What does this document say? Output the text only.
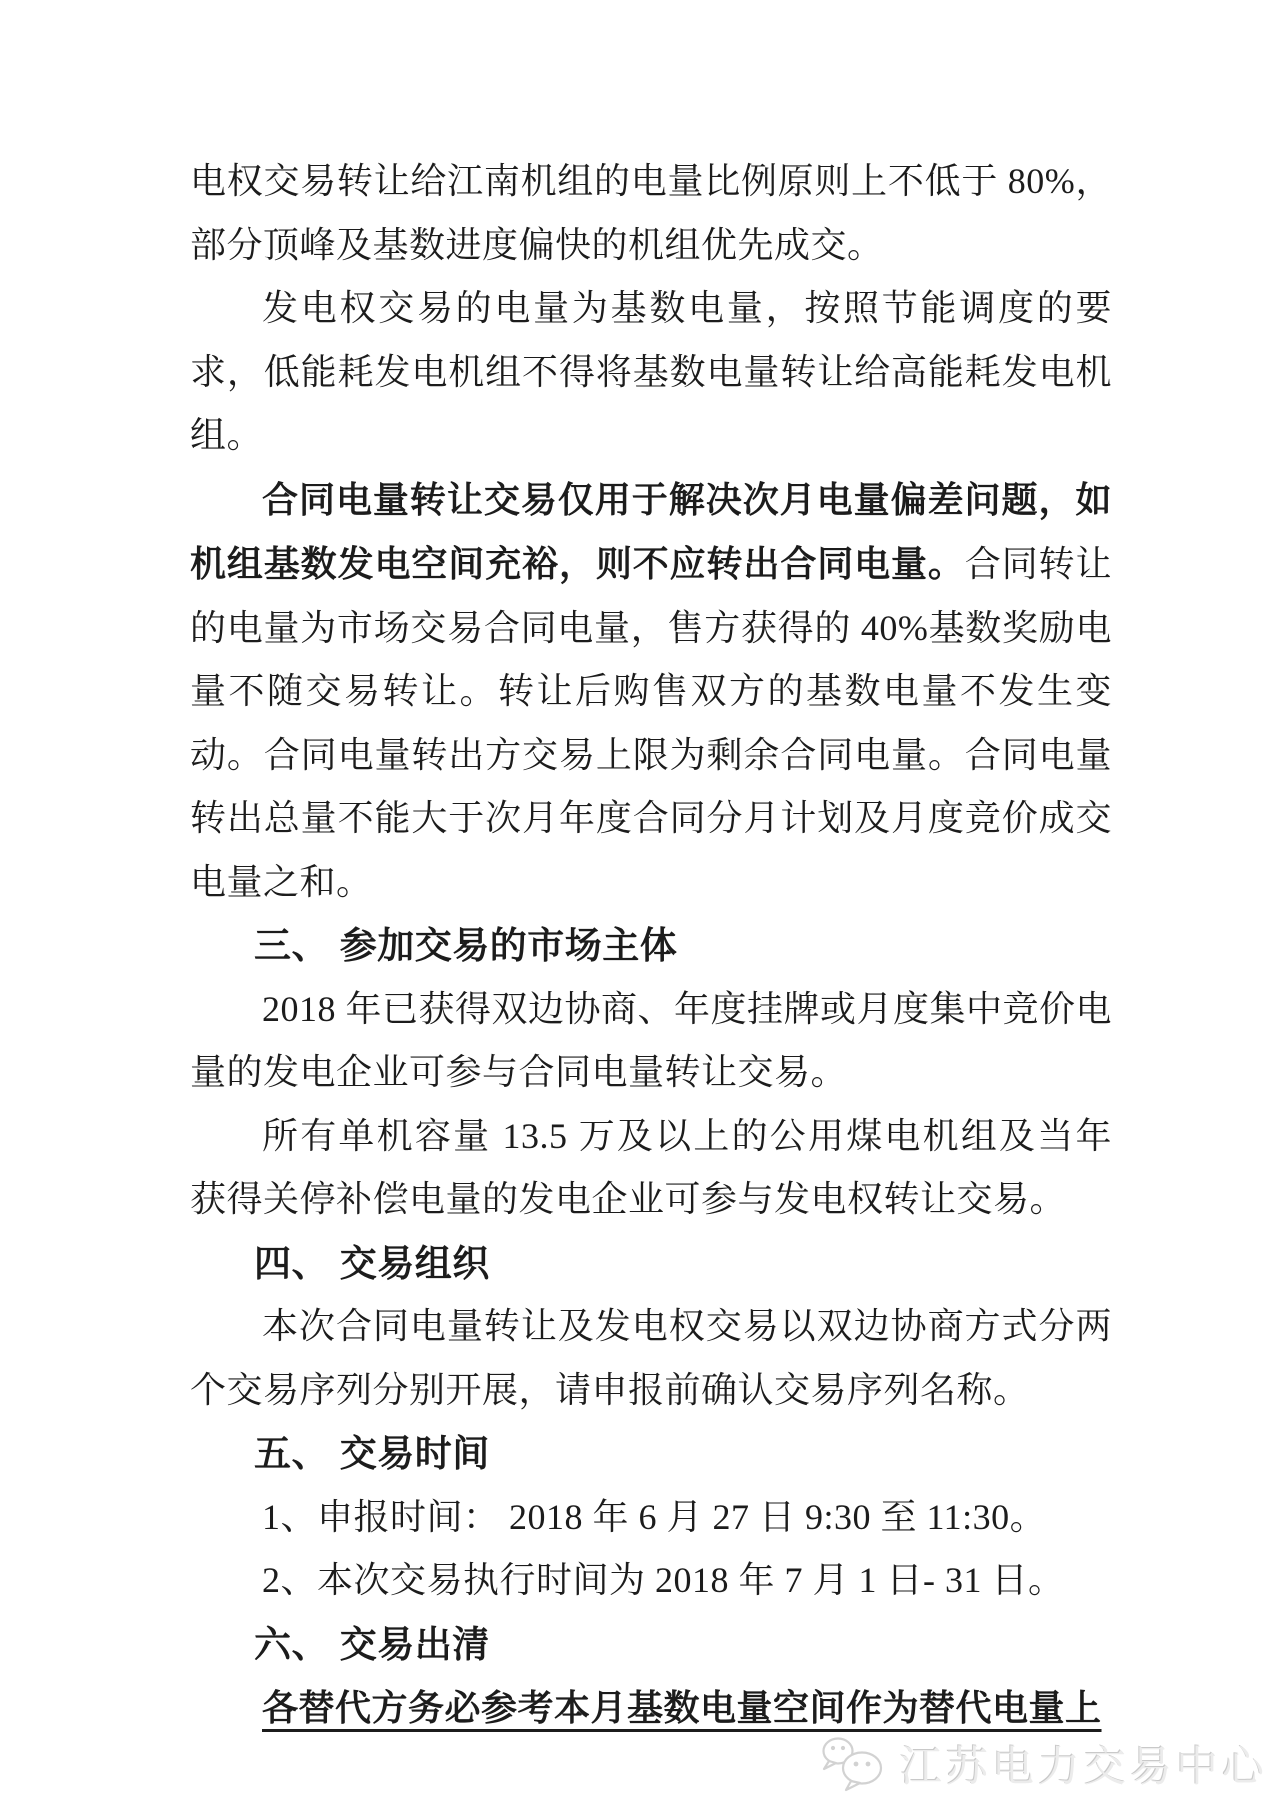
电权交易转让给江南机组的电量比例原则上不低于 80%，部分顶峰及基数进度偏快的机组优先成交。

发电权交易的电量为基数电量，按照节能调度的要求，低能耗发电机组不得将基数电量转让给高能耗发电机组。

合同电量转让交易仅用于解决次月电量偏差问题，如机组基数发电空间充裕，则不应转出合同电量。合同转让的电量为市场交易合同电量，售方获得的 40%基数奖励电量不随交易转让。转让后购售双方的基数电量不发生变动。合同电量转出方交易上限为剩余合同电量。合同电量转出总量不能大于次月年度合同分月计划及月度竞价成交电量之和。

三、 参加交易的市场主体

2018 年已获得双边协商、年度挂牌或月度集中竞价电量的发电企业可参与合同电量转让交易。

所有单机容量 13.5 万及以上的公用煤电机组及当年获得关停补偿电量的发电企业可参与发电权转让交易。

四、 交易组织

本次合同电量转让及发电权交易以双边协商方式分两个交易序列分别开展，请申报前确认交易序列名称。

五、 交易时间

1、申报时间： 2018 年 6 月 27 日 9:30 至 11:30。

2、本次交易执行时间为 2018 年 7 月 1 日- 31 日。

六、 交易出清

各替代方务必参考本月基数电量空间作为替代电量上

江苏电力交易中心
